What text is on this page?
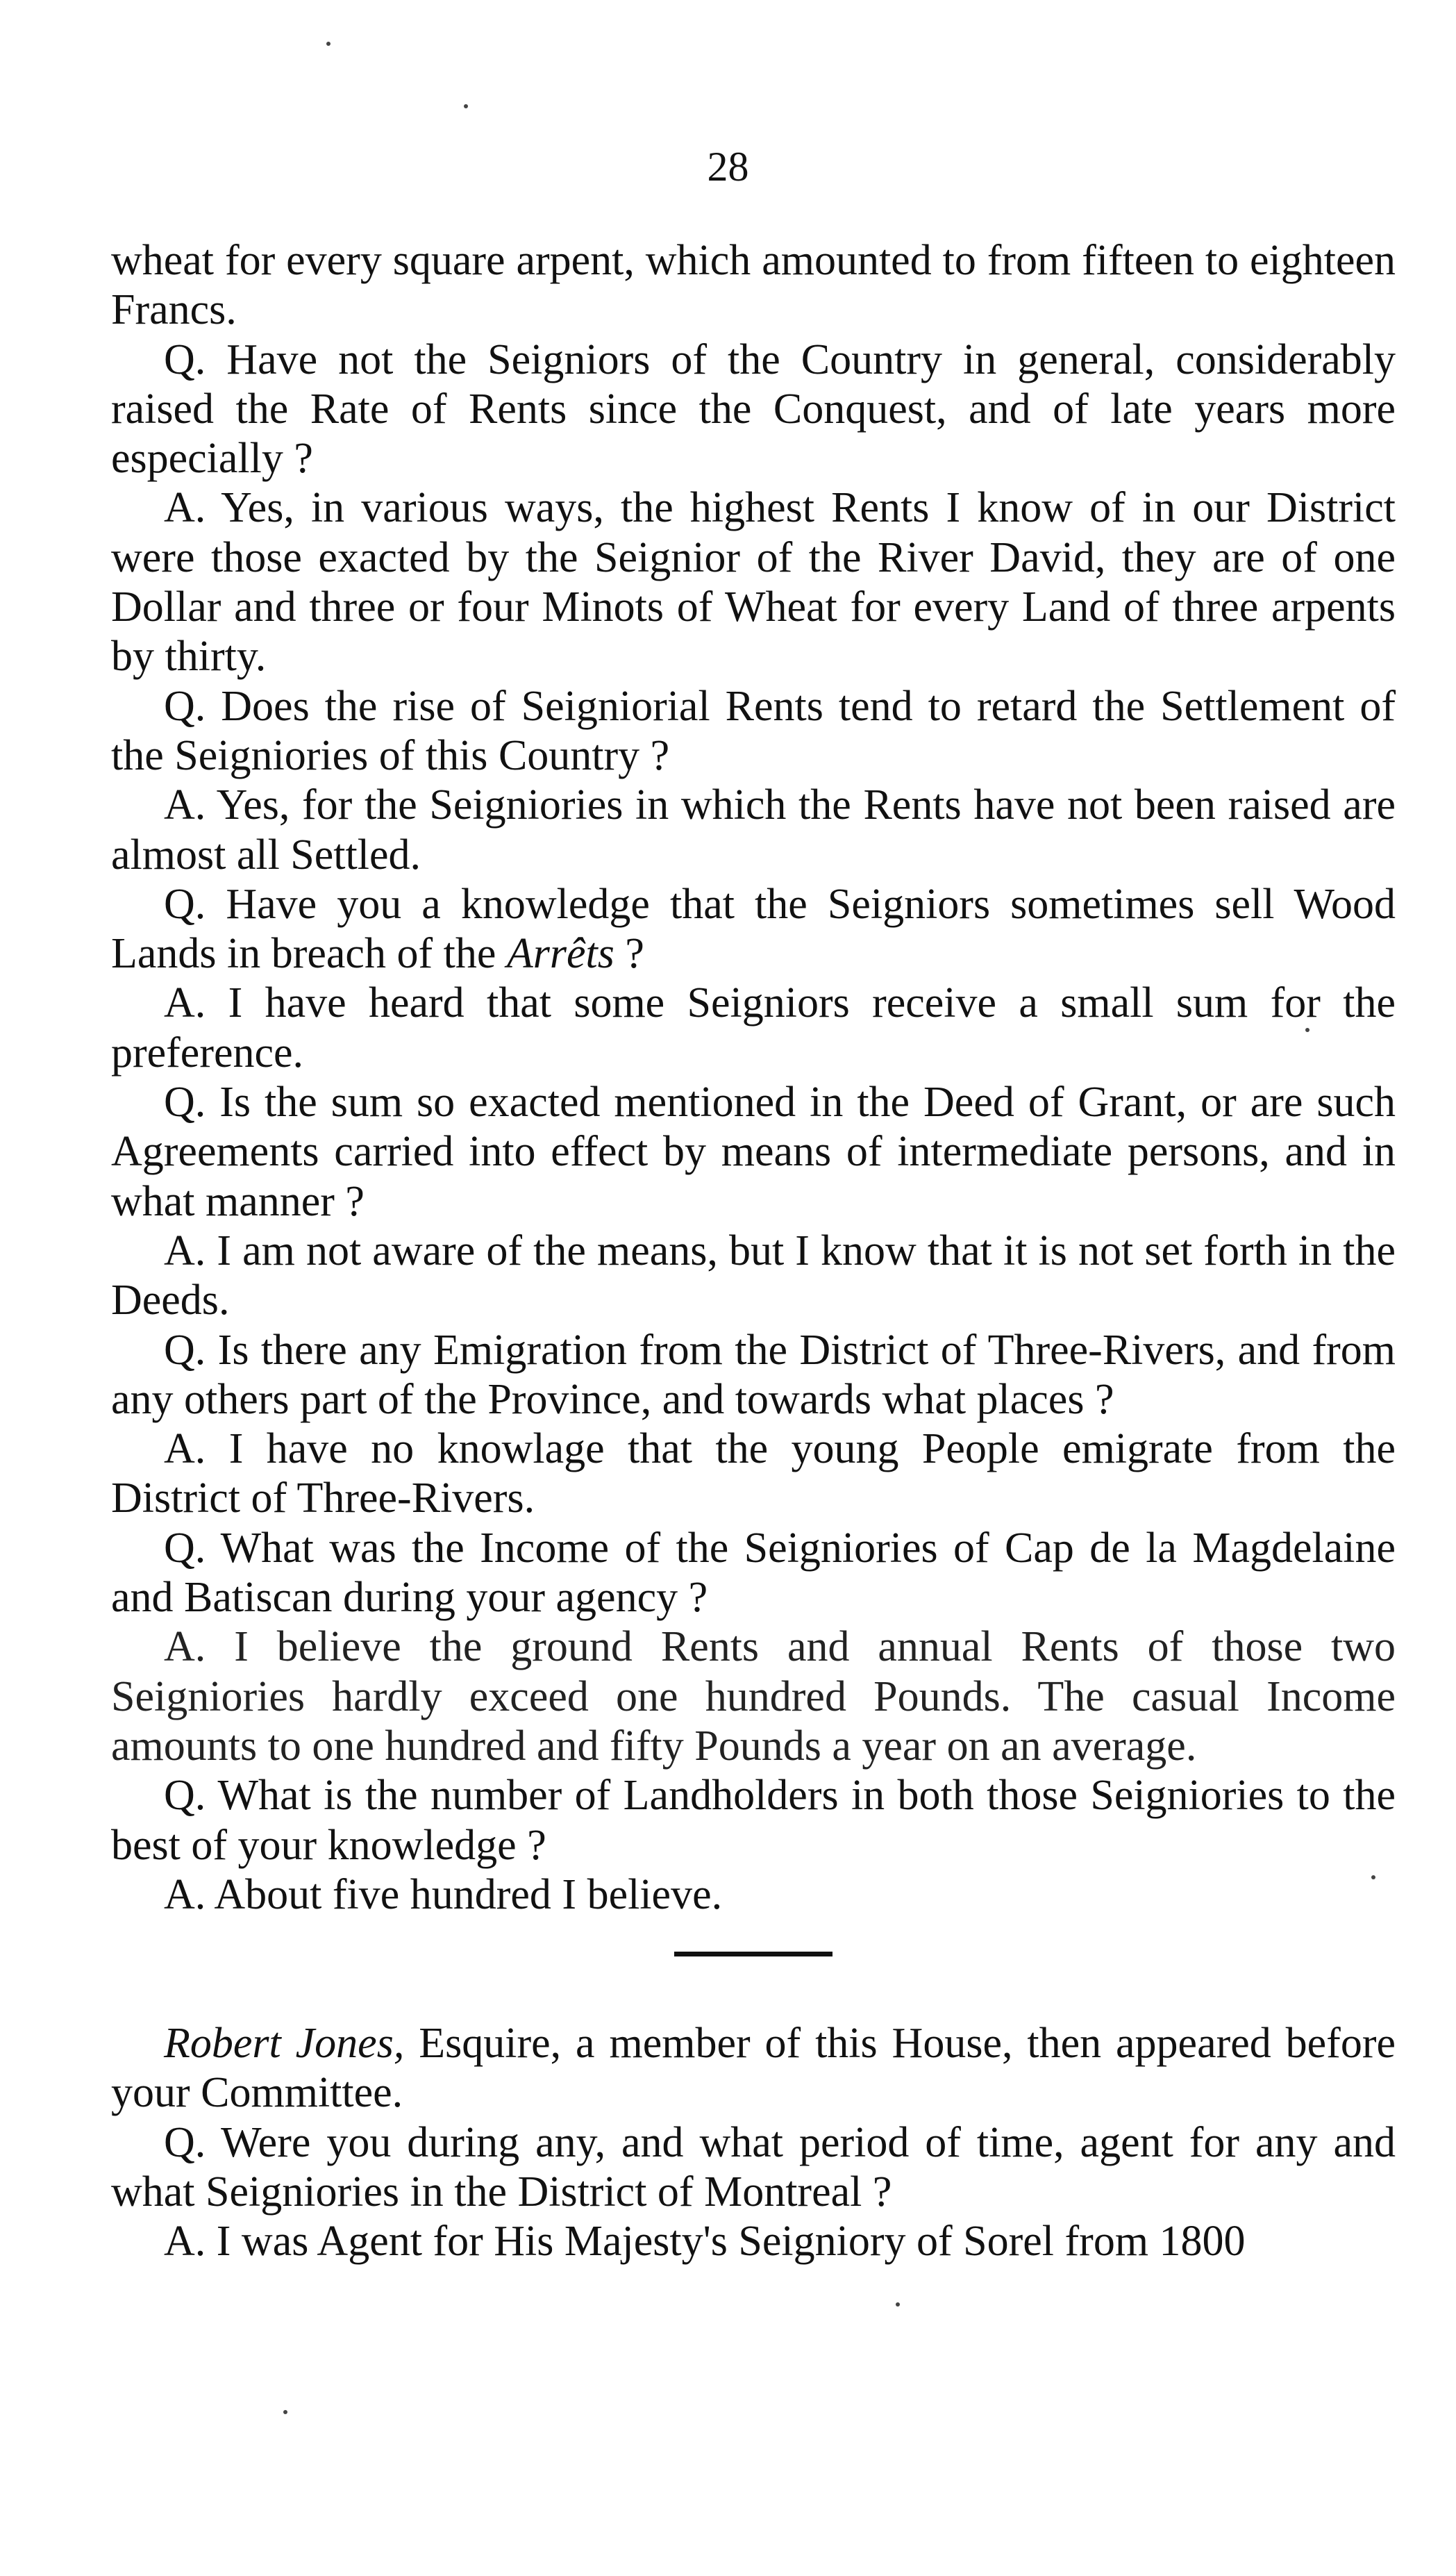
28

wheat for every square arpent, which amounted to from fifteen to eighteen Francs.

Q. Have not the Seigniors of the Country in general, considerably raised the Rate of Rents since the Conquest, and of late years more especially ?

A. Yes, in various ways, the highest Rents I know of in our District were those exacted by the Seignior of the River David, they are of one Dollar and three or four Minots of Wheat for every Land of three arpents by thirty.

Q. Does the rise of Seigniorial Rents tend to retard the Settlement of the Seigniories of this Country ?

A. Yes, for the Seigniories in which the Rents have not been raised are almost all Settled.

Q. Have you a knowledge that the Seigniors sometimes sell Wood Lands in breach of the Arrêts ?

A. I have heard that some Seigniors receive a small sum for the preference.

Q. Is the sum so exacted mentioned in the Deed of Grant, or are such Agreements carried into effect by means of intermediate persons, and in what manner ?

A. I am not aware of the means, but I know that it is not set forth in the Deeds.

Q. Is there any Emigration from the District of Three-Rivers, and from any others part of the Province, and towards what places ?

A. I have no knowlage that the young People emigrate from the District of Three-Rivers.

Q. What was the Income of the Seigniories of Cap de la Magdelaine and Batiscan during your agency ?

A. I believe the ground Rents and annual Rents of those two Seigniories hardly exceed one hundred Pounds. The casual Income amounts to one hundred and fifty Pounds a year on an average.

Q. What is the number of Landholders in both those Seigniories to the best of your knowledge ?

A. About five hundred I believe.

Robert Jones, Esquire, a member of this House, then appeared before your Committee.

Q. Were you during any, and what period of time, agent for any and what Seigniories in the District of Montreal ?

A. I was Agent for His Majesty's Seigniory of Sorel from 1800
